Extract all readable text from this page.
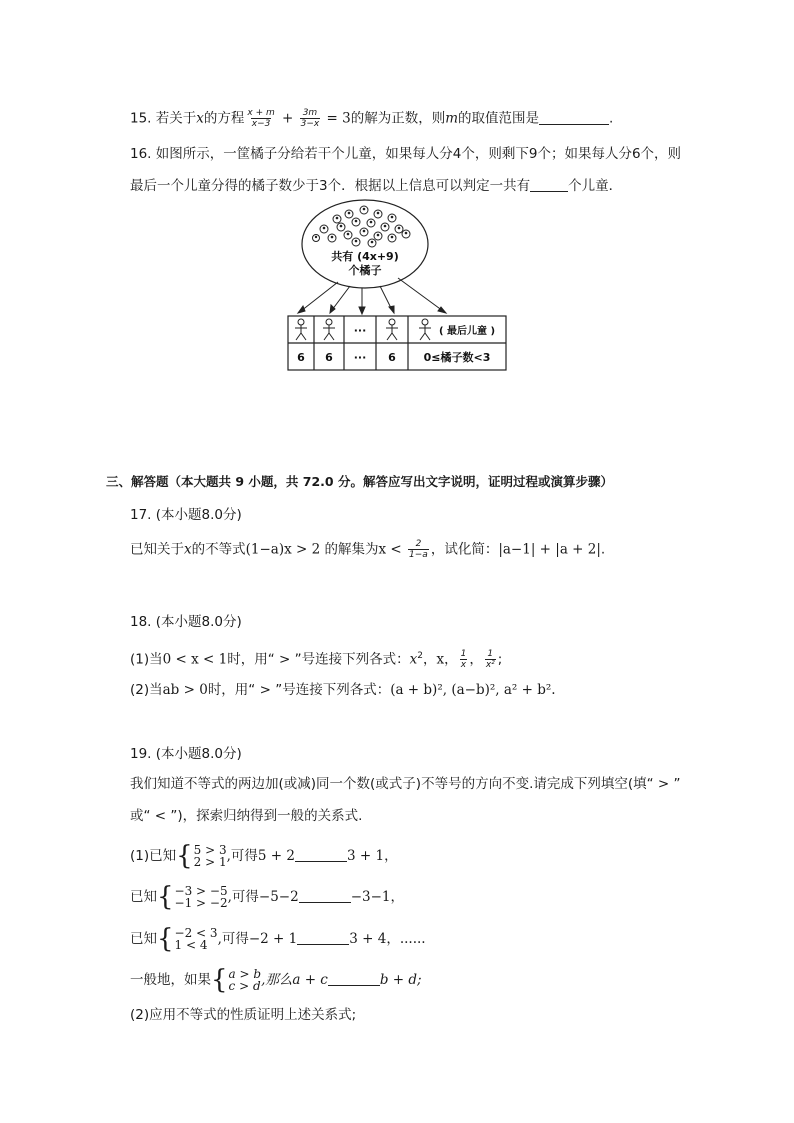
15. 若关于x的方程 $\frac{x + m}{x-3} + \frac{3m}{3-x} = 3$的解为正数，则m的取值范围是	.
16. 如图所示，一筐橘子分给若干个儿童，如果每人分4个，则剩下9个；如果每人分6个，则
最后一个儿童分得的橘子数少于3个．根据以上信息可以判定一共有	个儿童．
共有 (4x+9)
个橘子
···	( 最后儿童 )
6 6 ··· 6	0≤橘子数<3
三、解答题（本大题共 9 小题，共 72.0 分。解答应写出文字说明，证明过程或演算步骤）
17. (本小题8.0分)
已知关于x的不等式(1−a)x > 2 的解集为$x < \frac{2}{1-a}$ ，试化简：|a−1| + |a + 2|.
18. (本小题8.0分)
(1)当0 < x < 1时，用“ > ”号连接下列各式：$x^2$，x， $\frac{1}{x}$ ， $\frac{1}{\text{x²}}$ ;
(2)当ab > 0时，用“ > ”号连接下列各式：(a + b)², (a−b)², a² + b².
19. (本小题8.0分)
我们知道不等式的两边加(或减)同一个数(或式子)不等号的方向不变.请完成下列填空(填“ > ”
或“ < ”)，探索归纳得到一般的关系式.
(1)已知 { 5 > 3
2 > 1 ,可得5 + 2	3 + 1，
已知 { −3 > −5
−1 > −2 ,可得−5−2	−3−1，
已知 { −2 < 3
1 < 4 ,可得−2 + 1	3 + 4，......
一般地，如果 { a > b
c > d ,那么a + c	b + d;
(2)应用不等式的性质证明上述关系式;
